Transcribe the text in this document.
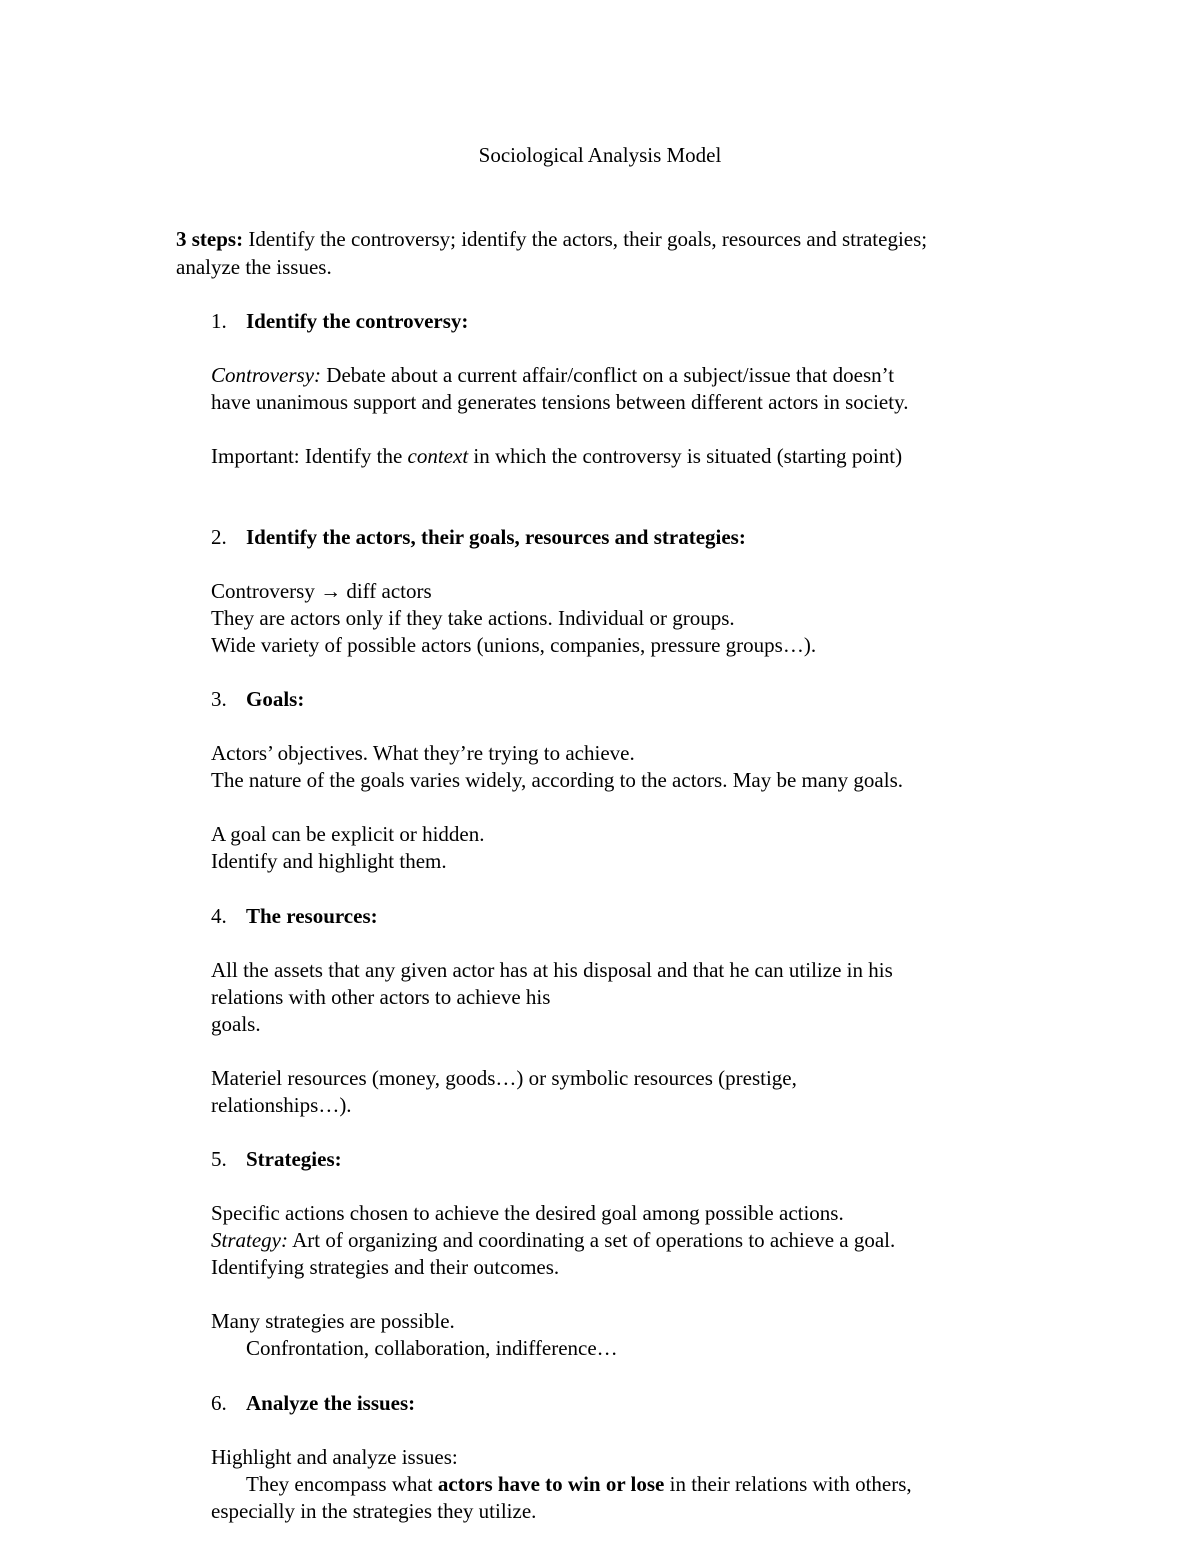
Sociological Analysis Model
3 steps: Identify the controversy; identify the actors, their goals, resources and strategies;
analyze the issues.
1. Identify the controversy:
Controversy: Debate about a current affair/conflict on a subject/issue that doesn’t
have unanimous support and generates tensions between different actors in society.
Important: Identify the context in which the controversy is situated (starting point)
2. Identify the actors, their goals, resources and strategies:
Controversy → diff actors
They are actors only if they take actions. Individual or groups.
Wide variety of possible actors (unions, companies, pressure groups…).
3. Goals:
Actors’ objectives. What they’re trying to achieve.
The nature of the goals varies widely, according to the actors. May be many goals.
A goal can be explicit or hidden.
Identify and highlight them.
4. The resources:
All the assets that any given actor has at his disposal and that he can utilize in his
relations with other actors to achieve his
goals.
Materiel resources (money, goods…) or symbolic resources (prestige,
relationships…).
5. Strategies:
Specific actions chosen to achieve the desired goal among possible actions.
Strategy: Art of organizing and coordinating a set of operations to achieve a goal.
Identifying strategies and their outcomes.
Many strategies are possible.
Confrontation, collaboration, indifference…
6. Analyze the issues:
Highlight and analyze issues:
They encompass what actors have to win or lose in their relations with others,
especially in the strategies they utilize.
